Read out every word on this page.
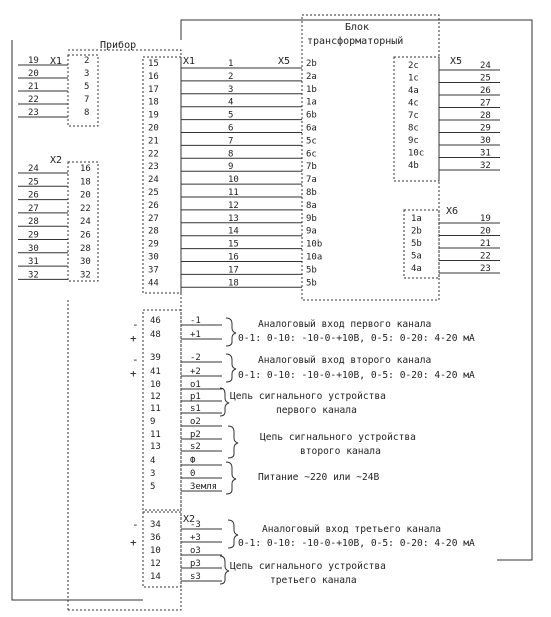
Прибор
Блок
трансформаторный
X1
X2
X1	X5	X5
X6
X2
Аналоговый вход первого канала
0-1: 0-10: -10-0-+10В, 0-5: 0-20: 4-20 мА
Аналоговый вход второго канала
0-1: 0-10: -10-0-+10В, 0-5: 0-20: 4-20 мА
Цепь сигнального устройства
первого канала
Цепь сигнального устройства
второго канала
Питание ~220 или ~24В
Аналоговый вход третьего канала
0-1: 0-10: -10-0-+10В, 0-5: 0-20: 4-20 мА
Цепь сигнального устройства
третьего канала
-
+
-
+
-
+
19	2
20	3
21	5
22	7
23	8
24	16
25	18
26	20
27	22
28	24
29	26
30	28
31	30
32	32
15	1	2b
16	2	2a
17	3	1b
18	4	1a
19	5	6b
20	6	6a
21	7	5c
22	8	6c
23	9	7b
24	10	7a
25	11	8b
26	12	8a
27	13	9b
28	14	9a
29	15	10b
30	16	10a
37	17	5b
44	18	5b
2c	24
1c	25
4a	26
4c	27
7c	28
8c	29
9c	30
10c	31
4b	32
1a	19
2b	20
5b	21
5a	22
4a	23
46	-1
48	+1
39	-2
41	+2
10	o1
12	p1
11	s1
9	o2
11	p2
13	s2
4	Ф
3	0
5	Земля
34	-3
36	+3
10	o3
12	p3
14	s3
